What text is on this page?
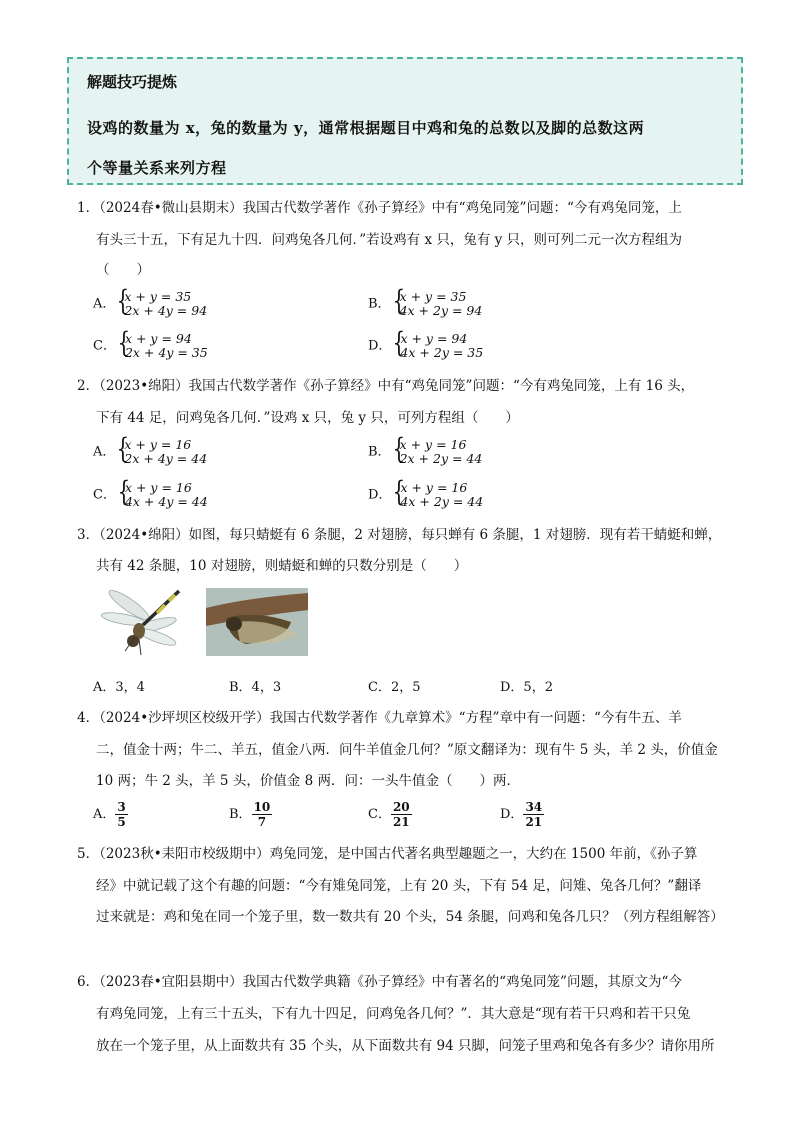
解题技巧提炼
设鸡的数量为 x，兔的数量为 y，通常根据题目中鸡和兔的总数以及脚的总数这两
个等量关系来列方程
1．（2024春•微山县期末）我国古代数学著作《孙子算经》中有“鸡兔同笼”问题：“今有鸡兔同笼，上
有头三十五，下有足九十四．问鸡兔各几何．”若设鸡有 x 只，兔有 y 只，则可列二元一次方程组为
（　　）
A． { x + y = 35
2x + 4y = 94	B． { x + y = 35
4x + 2y = 94
C． { x + y = 94
2x + 4y = 35	D． { x + y = 94
4x + 2y = 35
2．（2023•绵阳）我国古代数学著作《孙子算经》中有“鸡兔同笼”问题：“今有鸡兔同笼，上有 16 头，
下有 44 足，问鸡兔各几何．”设鸡 x 只，兔 y 只，可列方程组（　　）
A． { x + y = 16
2x + 4y = 44	B． { x + y = 16
2x + 2y = 44
C． { x + y = 16
4x + 4y = 44	D． { x + y = 16
4x + 2y = 44
3．（2024•绵阳）如图，每只蜻蜓有 6 条腿，2 对翅膀，每只蝉有 6 条腿，1 对翅膀．现有若干蜻蜓和蝉，
共有 42 条腿，10 对翅膀，则蜻蜓和蝉的只数分别是（　　）
A．3，4	B．4，3	C．2，5	D．5，2
4．（2024•沙坪坝区校级开学）我国古代数学著作《九章算术》“方程”章中有一问题：“今有牛五、羊
二，值金十两；牛二、羊五，值金八两．问牛羊值金几何？”原文翻译为：现有牛 5 头，羊 2 头，价值金
10 两；牛 2 头，羊 5 头，价值金 8 两．问：一头牛值金（　　）两．
A． $\frac{3}{5}$	B． $\frac{10}{7}$	C． $\frac{20}{21}$	D． $\frac{34}{21}$
5．（2023秋•耒阳市校级期中）鸡兔同笼，是中国古代著名典型趣题之一，大约在 1500 年前，《孙子算
经》中就记载了这个有趣的问题：“今有雉兔同笼，上有 20 头，下有 54 足，问雉、兔各几何？”翻译
过来就是：鸡和兔在同一个笼子里，数一数共有 20 个头，54 条腿，问鸡和兔各几只？（列方程组解答）
6．（2023春•宜阳县期中）我国古代数学典籍《孙子算经》中有著名的“鸡兔同笼”问题，其原文为“今
有鸡兔同笼，上有三十五头，下有九十四足，问鸡兔各几何？”．其大意是“现有若干只鸡和若干只兔
放在一个笼子里，从上面数共有 35 个头，从下面数共有 94 只脚，问笼子里鸡和兔各有多少？请你用所
